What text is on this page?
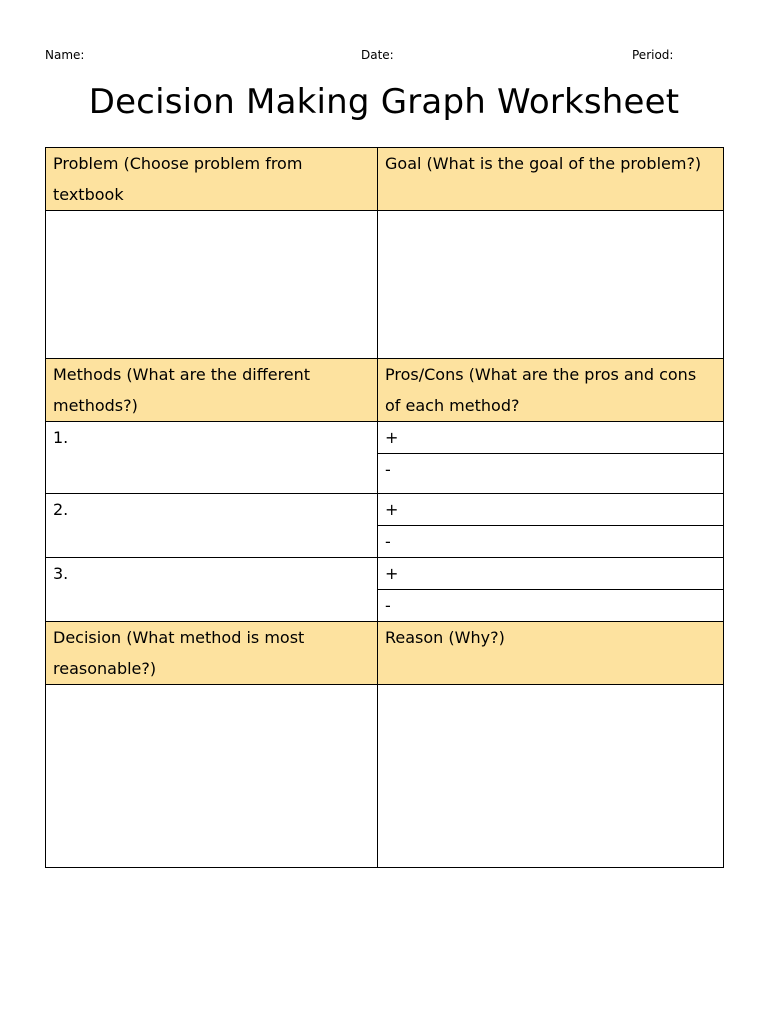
Name:	Date:	Period:
Decision Making Graph Worksheet
Problem (Choose problem from textbook	Goal (What is the goal of the problem?)

Methods (What are the different methods?)	Pros/Cons (What are the pros and cons of each method?
1.	+
	-
2.	+
	-
3.	+
	-
Decision (What method is most reasonable?)	Reason (Why?)
